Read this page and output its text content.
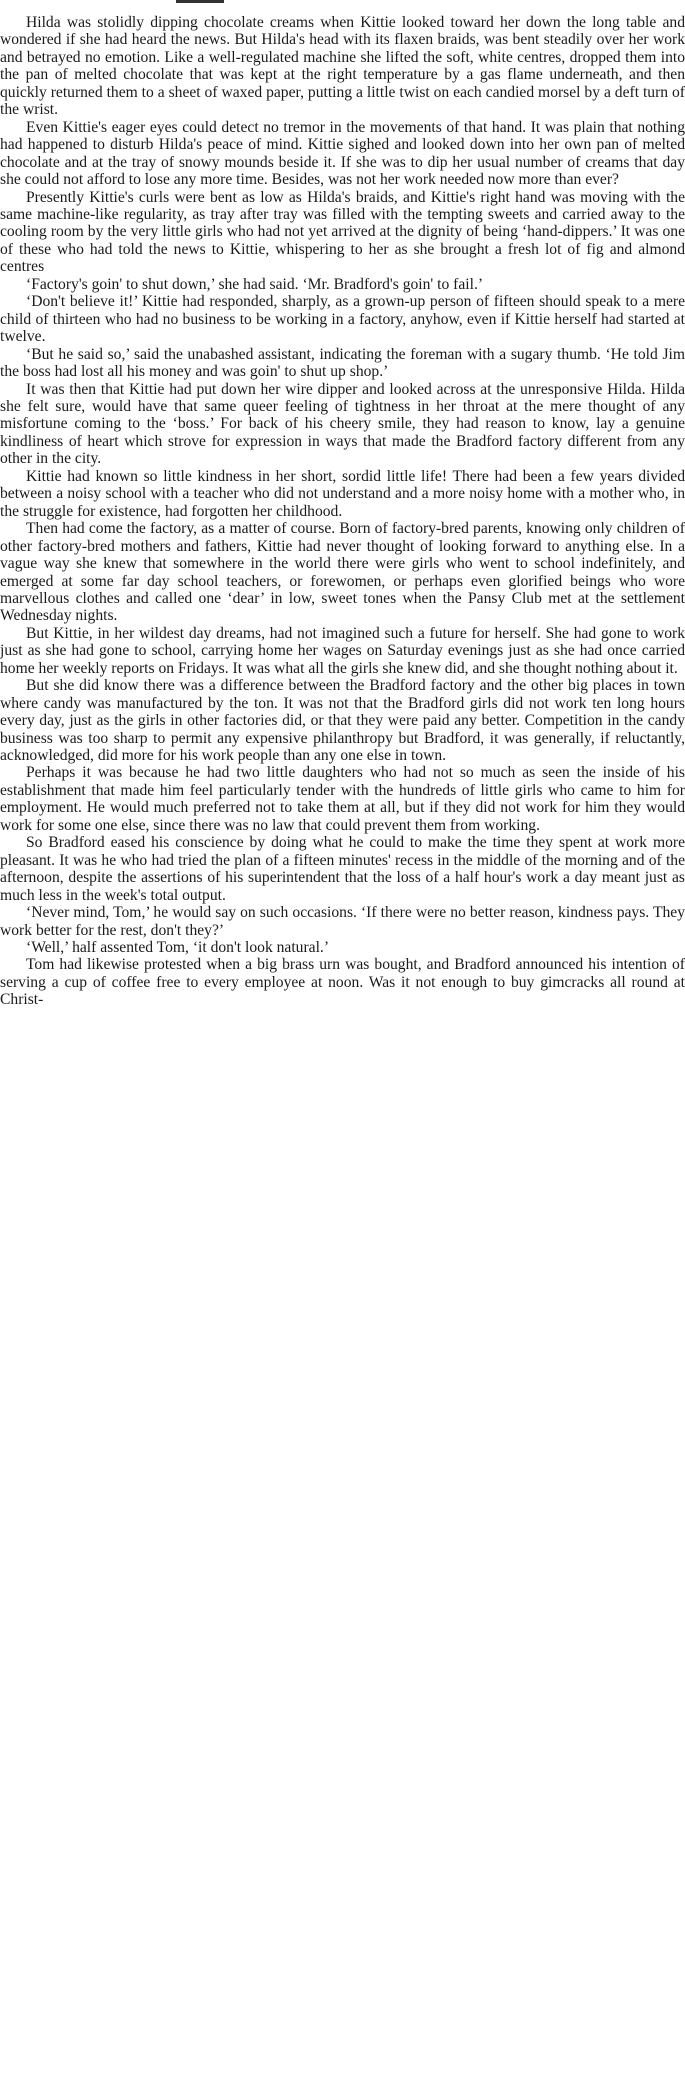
Hilda was stolidly dipping chocolate creams when Kittie looked toward her down the long table and wondered if she had heard the news. But Hilda's head with its flaxen braids, was bent steadily over her work and betrayed no emotion. Like a well-regulated machine she lifted the soft, white centres, dropped them into the pan of melted chocolate that was kept at the right temperature by a gas flame underneath, and then quickly returned them to a sheet of waxed paper, putting a little twist on each candied morsel by a deft turn of the wrist.

Even Kittie's eager eyes could detect no tremor in the movements of that hand. It was plain that nothing had happened to disturb Hilda's peace of mind. Kittie sighed and looked down into her own pan of melted chocolate and at the tray of snowy mounds beside it. If she was to dip her usual number of creams that day she could not afford to lose any more time. Besides, was not her work needed now more than ever?

Presently Kittie's curls were bent as low as Hilda's braids, and Kittie's right hand was moving with the same machine-like regularity, as tray after tray was filled with the tempting sweets and carried away to the cooling room by the very little girls who had not yet arrived at the dignity of being ‘hand-dippers.’ It was one of these who had told the news to Kittie, whispering to her as she brought a fresh lot of fig and almond centres

‘Factory's goin' to shut down,’ she had said. ‘Mr. Bradford's goin' to fail.’

‘Don't believe it!’ Kittie had responded, sharply, as a grown-up person of fifteen should speak to a mere child of thirteen who had no business to be working in a factory, anyhow, even if Kittie herself had started at twelve.

‘But he said so,’ said the unabashed assistant, indicating the foreman with a sugary thumb. ‘He told Jim the boss had lost all his money and was goin' to shut up shop.’

It was then that Kittie had put down her wire dipper and looked across at the unresponsive Hilda. Hilda she felt sure, would have that same queer feeling of tightness in her throat at the mere thought of any misfortune coming to the ‘boss.’ For back of his cheery smile, they had reason to know, lay a genuine kindliness of heart which strove for expression in ways that made the Bradford factory different from any other in the city.

Kittie had known so little kindness in her short, sordid little life! There had been a few years divided between a noisy school with a teacher who did not understand and a more noisy home with a mother who, in the struggle for existence, had forgotten her childhood.

Then had come the factory, as a matter of course. Born of factory-bred parents, knowing only children of other factory-bred mothers and fathers, Kittie had never thought of looking forward to anything else. In a vague way she knew that somewhere in the world there were girls who went to school indefinitely, and emerged at some far day school teachers, or forewomen, or perhaps even glorified beings who wore marvellous clothes and called one ‘dear’ in low, sweet tones when the Pansy Club met at the settlement Wednesday nights.

But Kittie, in her wildest day dreams, had not imagined such a future for herself. She had gone to work just as she had gone to school, carrying home her wages on Saturday evenings just as she had once carried home her weekly reports on Fridays. It was what all the girls she knew did, and she thought nothing about it.

But she did know there was a difference between the Bradford factory and the other big places in town where candy was manufactured by the ton. It was not that the Bradford girls did not work ten long hours every day, just as the girls in other factories did, or that they were paid any better. Competition in the candy business was too sharp to permit any expensive philanthropy but Bradford, it was generally, if reluctantly, acknowledged, did more for his work people than any one else in town.

Perhaps it was because he had two little daughters who had not so much as seen the inside of his establishment that made him feel particularly tender with the hundreds of little girls who came to him for employment. He would much preferred not to take them at all, but if they did not work for him they would work for some one else, since there was no law that could prevent them from working.

So Bradford eased his conscience by doing what he could to make the time they spent at work more pleasant. It was he who had tried the plan of a fifteen minutes' recess in the middle of the morning and of the afternoon, despite the assertions of his superintendent that the loss of a half hour's work a day meant just as much less in the week's total output.

‘Never mind, Tom,’ he would say on such occasions. ‘If there were no better reason, kindness pays. They work better for the rest, don't they?’

‘Well,’ half assented Tom, ‘it don't look natural.’

Tom had likewise protested when a big brass urn was bought, and Bradford announced his intention of serving a cup of coffee free to every employee at noon. Was it not enough to buy gimcracks all round at Christ-
